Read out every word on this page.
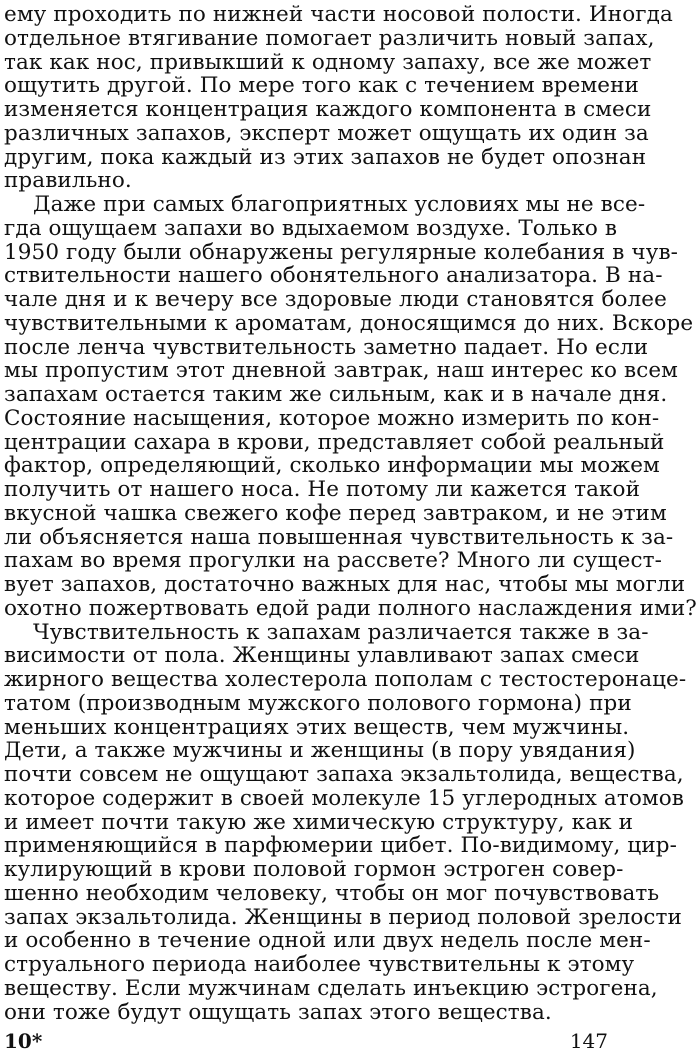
ему проходить по нижней части носовой полости. Иногда
отдельное втягивание помогает различить новый запах,
так как нос, привыкший к одному запаху, все же может
ощутить другой. По мере того как с течением времени
изменяется концентрация каждого компонента в смеси
различных запахов, эксперт может ощущать их один за
другим, пока каждый из этих запахов не будет опознан
правильно.
Даже при самых благоприятных условиях мы не все-
гда ощущаем запахи во вдыхаемом воздухе. Только в
1950 году были обнаружены регулярные колебания в чув-
ствительности нашего обонятельного анализатора. В на-
чале дня и к вечеру все здоровые люди становятся более
чувствительными к ароматам, доносящимся до них. Вскоре
после ленча чувствительность заметно падает. Но если
мы пропустим этот дневной завтрак, наш интерес ко всем
запахам остается таким же сильным, как и в начале дня.
Состояние насыщения, которое можно измерить по кон-
центрации сахара в крови, представляет собой реальный
фактор, определяющий, сколько информации мы можем
получить от нашего носа. Не потому ли кажется такой
вкусной чашка свежего кофе перед завтраком, и не этим
ли объясняется наша повышенная чувствительность к за-
пахам во время прогулки на рассвете? Много ли сущест-
вует запахов, достаточно важных для нас, чтобы мы могли
охотно пожертвовать едой ради полного наслаждения ими?
Чувствительность к запахам различается также в за-
висимости от пола. Женщины улавливают запах смеси
жирного вещества холестерола пополам с тестостеронаце-
татом (производным мужского полового гормона) при
меньших концентрациях этих веществ, чем мужчины.
Дети, а также мужчины и женщины (в пору увядания)
почти совсем не ощущают запаха экзальтолида, вещества,
которое содержит в своей молекуле 15 углеродных атомов
и имеет почти такую же химическую структуру, как и
применяющийся в парфюмерии цибет. По-видимому, цир-
кулирующий в крови половой гормон эстроген совер-
шенно необходим человеку, чтобы он мог почувствовать
запах экзальтолида. Женщины в период половой зрелости
и особенно в течение одной или двух недель после мен-
струального периода наиболее чувствительны к этому
веществу. Если мужчинам сделать инъекцию эстрогена,
они тоже будут ощущать запах этого вещества.
10*	147
